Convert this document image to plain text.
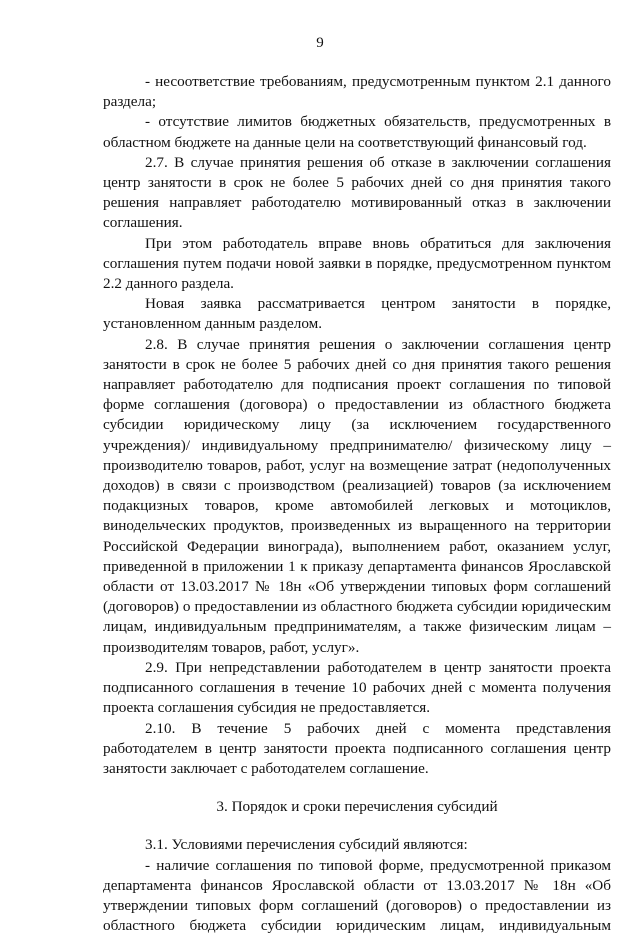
9

- несоответствие требованиям, предусмотренным пунктом 2.1 данного раздела;

- отсутствие лимитов бюджетных обязательств, предусмотренных в областном бюджете на данные цели на соответствующий финансовый год.

2.7. В случае принятия решения об отказе в заключении соглашения центр занятости в срок не более 5 рабочих дней со дня принятия такого решения направляет работодателю мотивированный отказ в заключении соглашения.

При этом работодатель вправе вновь обратиться для заключения соглашения путем подачи новой заявки в порядке, предусмотренном пунктом 2.2 данного раздела.

Новая заявка рассматривается центром занятости в порядке, установленном данным разделом.

2.8. В случае принятия решения о заключении соглашения центр занятости в срок не более 5 рабочих дней со дня принятия такого решения направляет работодателю для подписания проект соглашения по типовой форме соглашения (договора) о предоставлении из областного бюджета субсидии юридическому лицу (за исключением государственного учреждения)/ индивидуальному предпринимателю/ физическому лицу – производителю товаров, работ, услуг на возмещение затрат (недополученных доходов) в связи с производством (реализацией) товаров (за исключением подакцизных товаров, кроме автомобилей легковых и мотоциклов, винодельческих продуктов, произведенных из выращенного на территории Российской Федерации винограда), выполнением работ, оказанием услуг, приведенной в приложении 1 к приказу департамента финансов Ярославской области от 13.03.2017 № 18н «Об утверждении типовых форм соглашений (договоров) о предоставлении из областного бюджета субсидии юридическим лицам, индивидуальным предпринимателям, а также физическим лицам – производителям товаров, работ, услуг».

2.9. При непредставлении работодателем в центр занятости проекта подписанного соглашения в течение 10 рабочих дней с момента получения проекта соглашения субсидия не предоставляется.

2.10. В течение 5 рабочих дней с момента представления работодателем в центр занятости проекта подписанного соглашения центр занятости заключает с работодателем соглашение.

3. Порядок и сроки перечисления субсидий

3.1. Условиями перечисления субсидий являются:

- наличие соглашения по типовой форме, предусмотренной приказом департамента финансов Ярославской области от 13.03.2017 № 18н «Об утверждении типовых форм соглашений (договоров) о предоставлении из областного бюджета субсидии юридическим лицам, индивидуальным
